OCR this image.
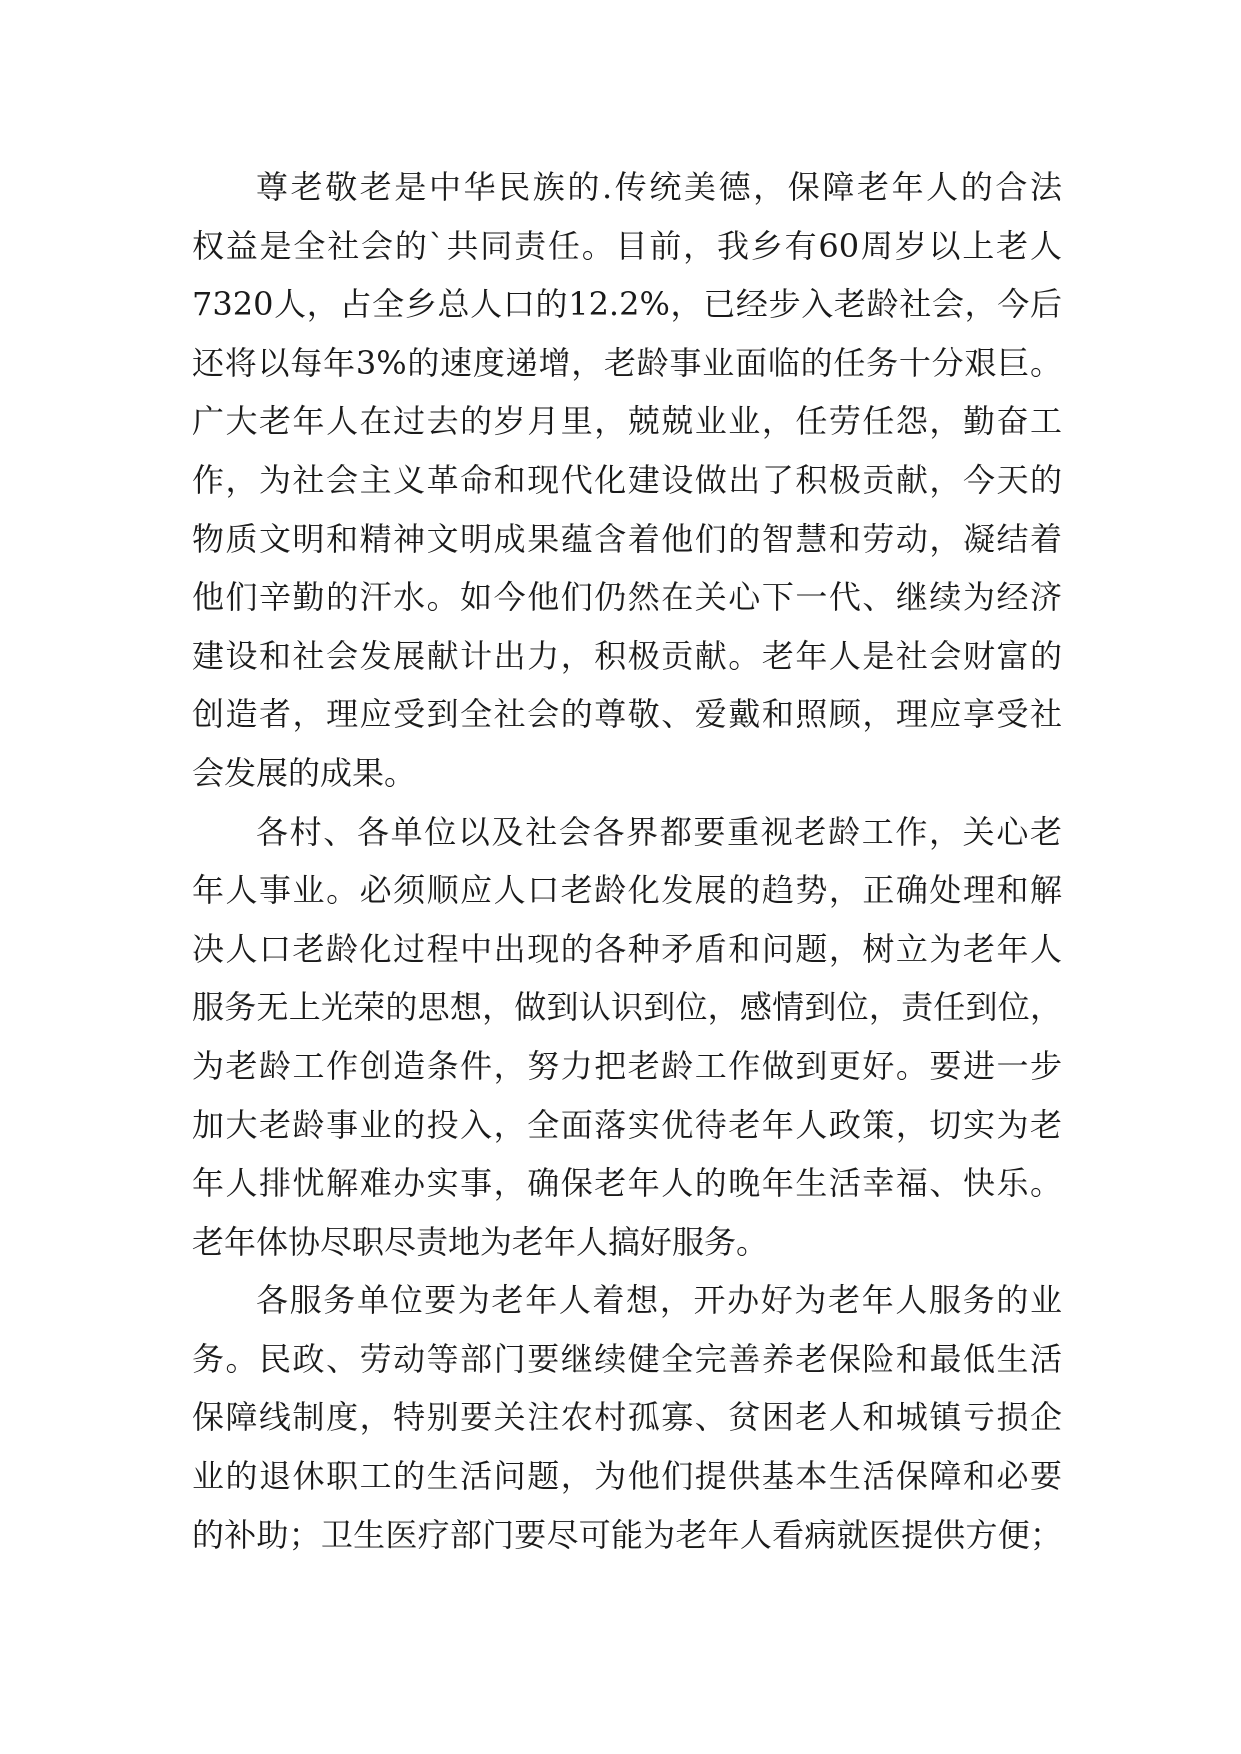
尊老敬老是中华民族的.传统美德，保障老年人的合法
权益是全社会的`共同责任。目前，我乡有60周岁以上老人
7320人，占全乡总人口的12.2%，已经步入老龄社会，今后
还将以每年3%的速度递增，老龄事业面临的任务十分艰巨。
广大老年人在过去的岁月里，兢兢业业，任劳任怨，勤奋工
作，为社会主义革命和现代化建设做出了积极贡献，今天的
物质文明和精神文明成果蕴含着他们的智慧和劳动，凝结着
他们辛勤的汗水。如今他们仍然在关心下一代、继续为经济
建设和社会发展献计出力，积极贡献。老年人是社会财富的
创造者，理应受到全社会的尊敬、爱戴和照顾，理应享受社
会发展的成果。
各村、各单位以及社会各界都要重视老龄工作，关心老
年人事业。必须顺应人口老龄化发展的趋势，正确处理和解
决人口老龄化过程中出现的各种矛盾和问题，树立为老年人
服务无上光荣的思想，做到认识到位，感情到位，责任到位，
为老龄工作创造条件，努力把老龄工作做到更好。要进一步
加大老龄事业的投入，全面落实优待老年人政策，切实为老
年人排忧解难办实事，确保老年人的晚年生活幸福、快乐。
老年体协尽职尽责地为老年人搞好服务。
各服务单位要为老年人着想，开办好为老年人服务的业
务。民政、劳动等部门要继续健全完善养老保险和最低生活
保障线制度，特别要关注农村孤寡、贫困老人和城镇亏损企
业的退休职工的生活问题，为他们提供基本生活保障和必要
的补助；卫生医疗部门要尽可能为老年人看病就医提供方便；
